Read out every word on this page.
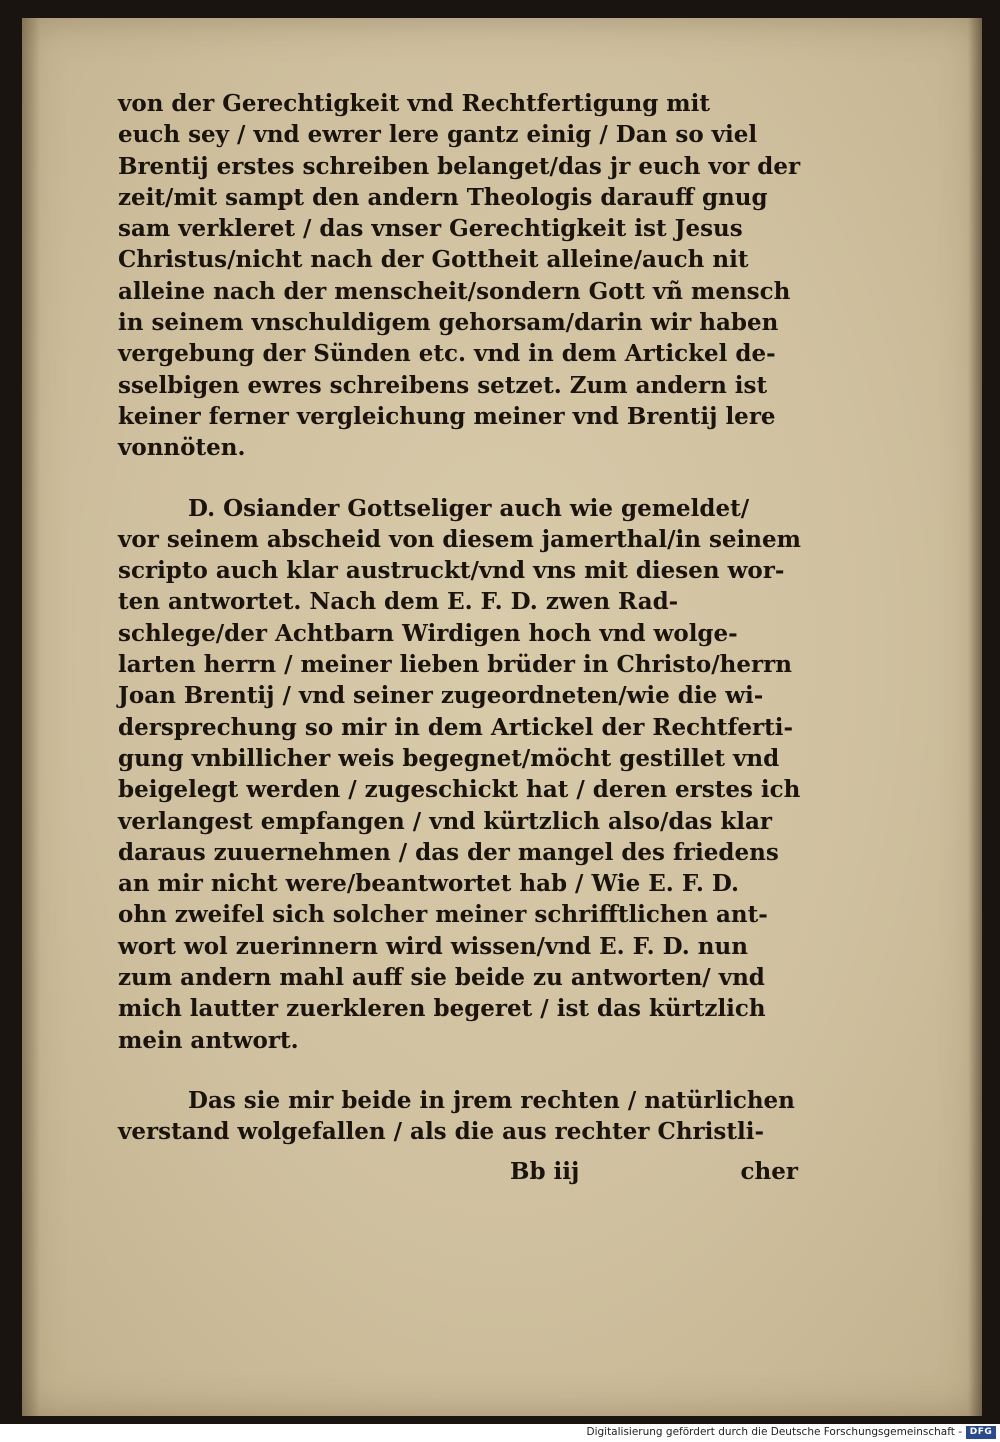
von der Gerechtigkeit vnd Rechtfertigung mit
euch sey / vnd ewrer lere gantz einig / Dan so viel
Brentij erstes schreiben belanget/das jr euch vor der
zeit/mit sampt den andern Theologis darauff gnug
sam verkleret / das vnser Gerechtigkeit ist Jesus
Christus/nicht nach der Gottheit alleine/auch nit
alleine nach der menscheit/sondern Gott vñ mensch
in seinem vnschuldigem gehorsam/darin wir haben
vergebung der Sünden etc. vnd in dem Artickel de-
sselbigen ewres schreibens setzet. Zum andern ist
keiner ferner vergleichung meiner vnd Brentij lere
vonnöten.
D. Osiander Gottseliger auch wie gemeldet/
vor seinem abscheid von diesem jamerthal/in seinem
scripto auch klar austruckt/vnd vns mit diesen wor-
ten antwortet. Nach dem E. F. D. zwen Rad-
schlege/der Achtbarn Wirdigen hoch vnd wolge-
larten herrn / meiner lieben brüder in Christo/herrn
Joan Brentij / vnd seiner zugeordneten/wie die wi-
dersprechung so mir in dem Artickel der Rechtferti-
gung vnbillicher weis begegnet/möcht gestillet vnd
beigelegt werden / zugeschickt hat / deren erstes ich
verlangest empfangen / vnd kürtzlich also/das klar
daraus zuuernehmen / das der mangel des friedens
an mir nicht were/beantwortet hab / Wie E. F. D.
ohn zweifel sich solcher meiner schrifftlichen ant-
wort wol zuerinnern wird wissen/vnd E. F. D. nun
zum andern mahl auff sie beide zu antworten/ vnd
mich lautter zuerkleren begeret / ist das kürtzlich
mein antwort.
Das sie mir beide in jrem rechten / natürlichen
verstand wolgefallen / als die aus rechter Christli-
Bb iij	cher
Digitalisierung gefördert durch die Deutsche Forschungsgemeinschaft - DFG
